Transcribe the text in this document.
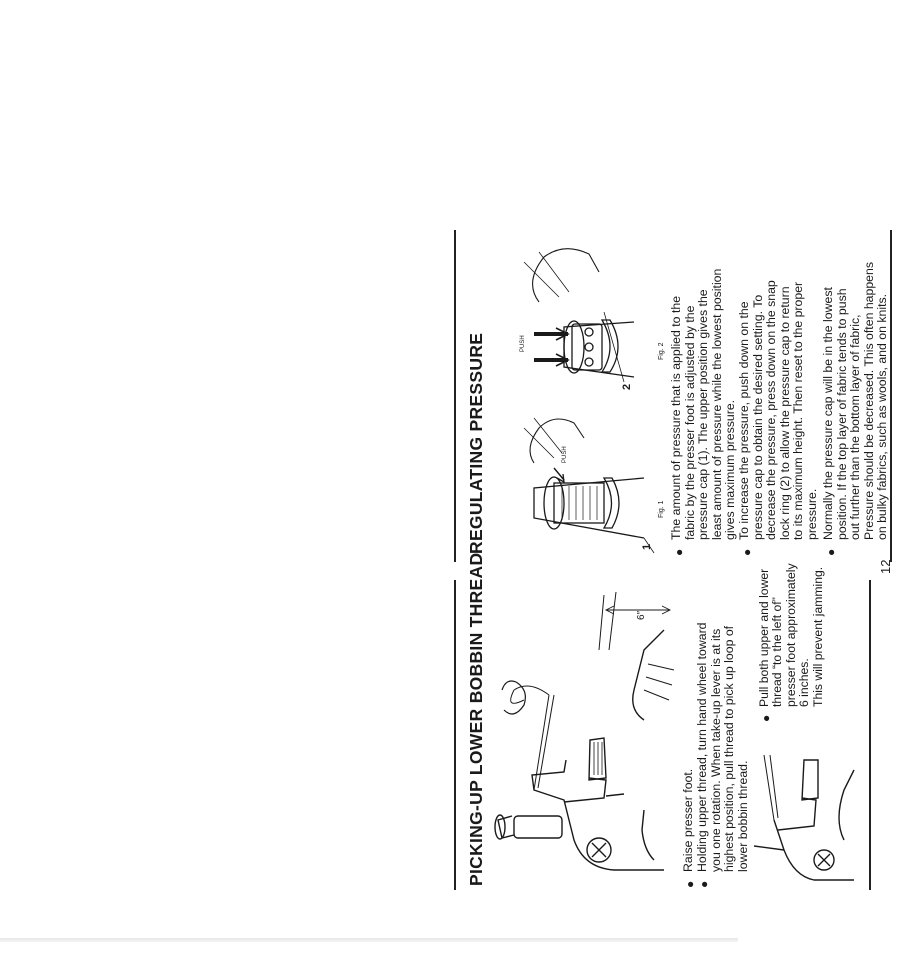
PICKING-UP LOWER BOBBIN THREAD	6″
●
Raise presser foot.
●
Holding upper thread, turn hand wheel toward you one rotation. When take-up lever is at its highest position, pull thread to pick up loop of lower bobbin thread.
●
Pull both upper and lower thread “to the left of” presser foot approximately 6 inches. This will prevent jamming.
12
REGULATING PRESSURE	PUSH
1
Fig. 1
PUSH
2
Fig. 2
●
The amount of pressure that is applied to the fabric by the presser foot is adjusted by the pressure cap (1). The upper position gives the least amount of pressure while the lowest position gives maximum pressure.
●
To increase the pressure, push down on the pressure cap to obtain the desired setting. To decrease the pressure, press down on the snap lock ring (2) to allow the pressure cap to return to its maximum height. Then reset to the proper pressure.
●
Normally the pressure cap will be in the lowest position. If the top layer of fabric tends to push out further than the bottom layer of fabric, Pressure should be decreased. This often happens on bulky fabrics, such as wools, and on knits.
